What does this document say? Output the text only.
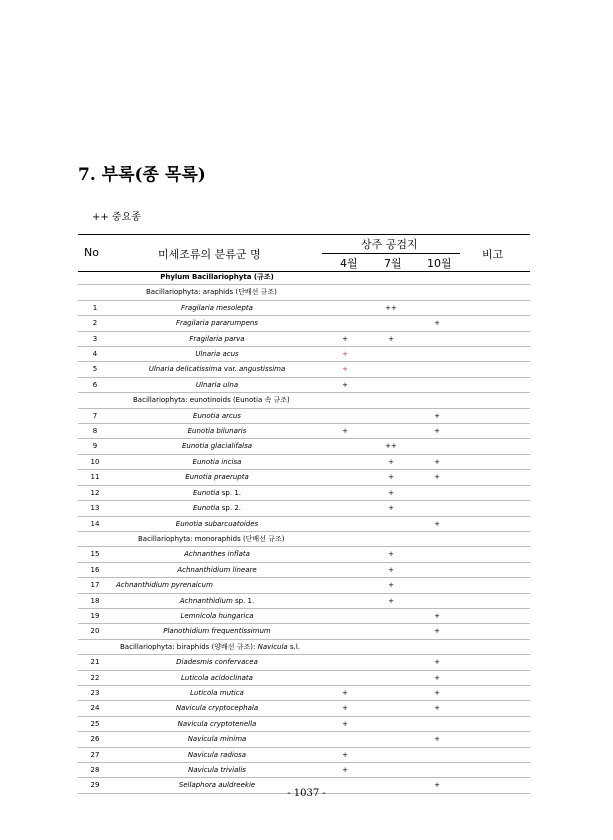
7. 부록(종 목록)
++ 중요종
No	미세조류의 분류군 명
상주 공검지
4월 7월 10월
비고
	Phylum Bacillariophyta (규조)				
Bacillariophyta: araphids (단배선 규조)					
1	Fragilaria mesolepta		++		
2	Fragilaria pararumpens			+	
3	Fragilaria parva	+	+		
4	Ulnaria acus	+			
5	Ulnaria delicatissima var. angustissima	+			
6	Ulnaria ulna	+			
Bacillariophyta: eunotinoids (Eunotia 속 규조)					
7	Eunotia arcus			+	
8	Eunotia bilunaris	+		+	
9	Eunotia glacialifalsa		++		
10	Eunotia incisa		+	+	
11	Eunotia praerupta		+	+	
12	Eunotia sp. 1.		+		
13	Eunotia sp. 2.		+		
14	Eunotia subarcuatoides			+	
Bacillariophyta: monoraphids (단배선 규조)					
15	Achnanthes inflata		+		
16	Achnanthidium lineare		+		
17	Achnanthidium pyrenaicum		+		
18	Achnanthidium sp. 1.		+		
19	Lemnicola hungarica			+	
20	Planothidium frequentissimum			+	
Bacillariophyta: biraphids (양배선 규조): Navicula s.l.					
21	Diadesmis confervacea			+	
22	Luticola acidoclinata			+	
23	Luticola mutica	+		+	
24	Navicula cryptocephala	+		+	
25	Navicula cryptotenella	+			
26	Navicula minima			+	
27	Navicula radiosa	+			
28	Navicula trivialis	+			
29	Sellaphora auldreekie			+	
- 1037 -
